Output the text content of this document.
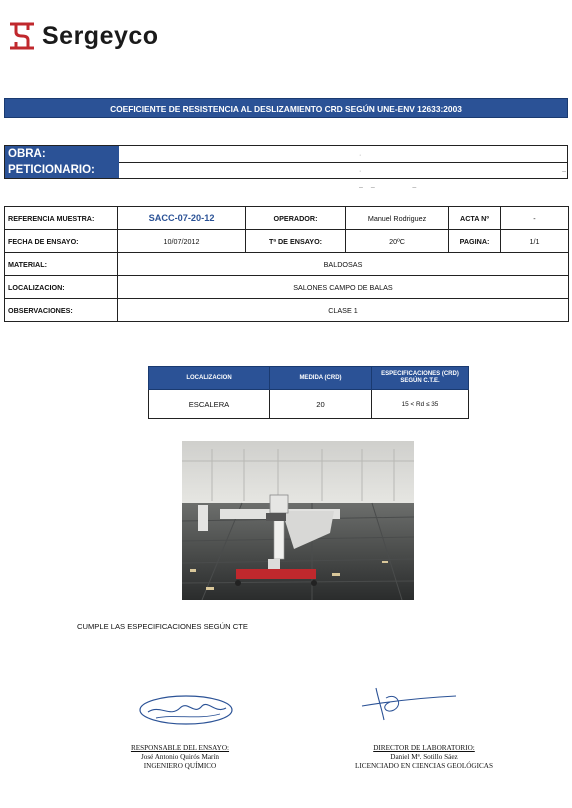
Sergeyco
COEFICIENTE DE RESISTENCIA AL DESLIZAMIENTO CRD SEGÚN UNE-ENV 12633:2003
OBRA:	· ·                                        – – –       –
PETICIONARIO:
REFERENCIA MUESTRA:	SACC-07-20-12	OPERADOR:	Manuel Rodriguez	ACTA Nº	-
FECHA DE ENSAYO:	10/07/2012	Tª DE ENSAYO:	20ºC	PAGINA:	1/1
MATERIAL:	BALDOSAS				
LOCALIZACION:	SALONES CAMPO DE BALAS				
OBSERVACIONES:	CLASE 1				
LOCALIZACION	MEDIDA (CRD)	ESPECIFICACIONES (CRD) SEGÚN C.T.E.
ESCALERA	20	15 < Rd ≤ 35
CUMPLE LAS ESPECIFICACIONES SEGÚN CTE
RESPONSABLE DEL ENSAYO:
José Antonio Quirós Marín
INGENIERO QUÍMICO
DIRECTOR DE LABORATORIO:
Daniel Mª. Sotillo Sáez
LICENCIADO EN CIENCIAS GEOLÓGICAS
